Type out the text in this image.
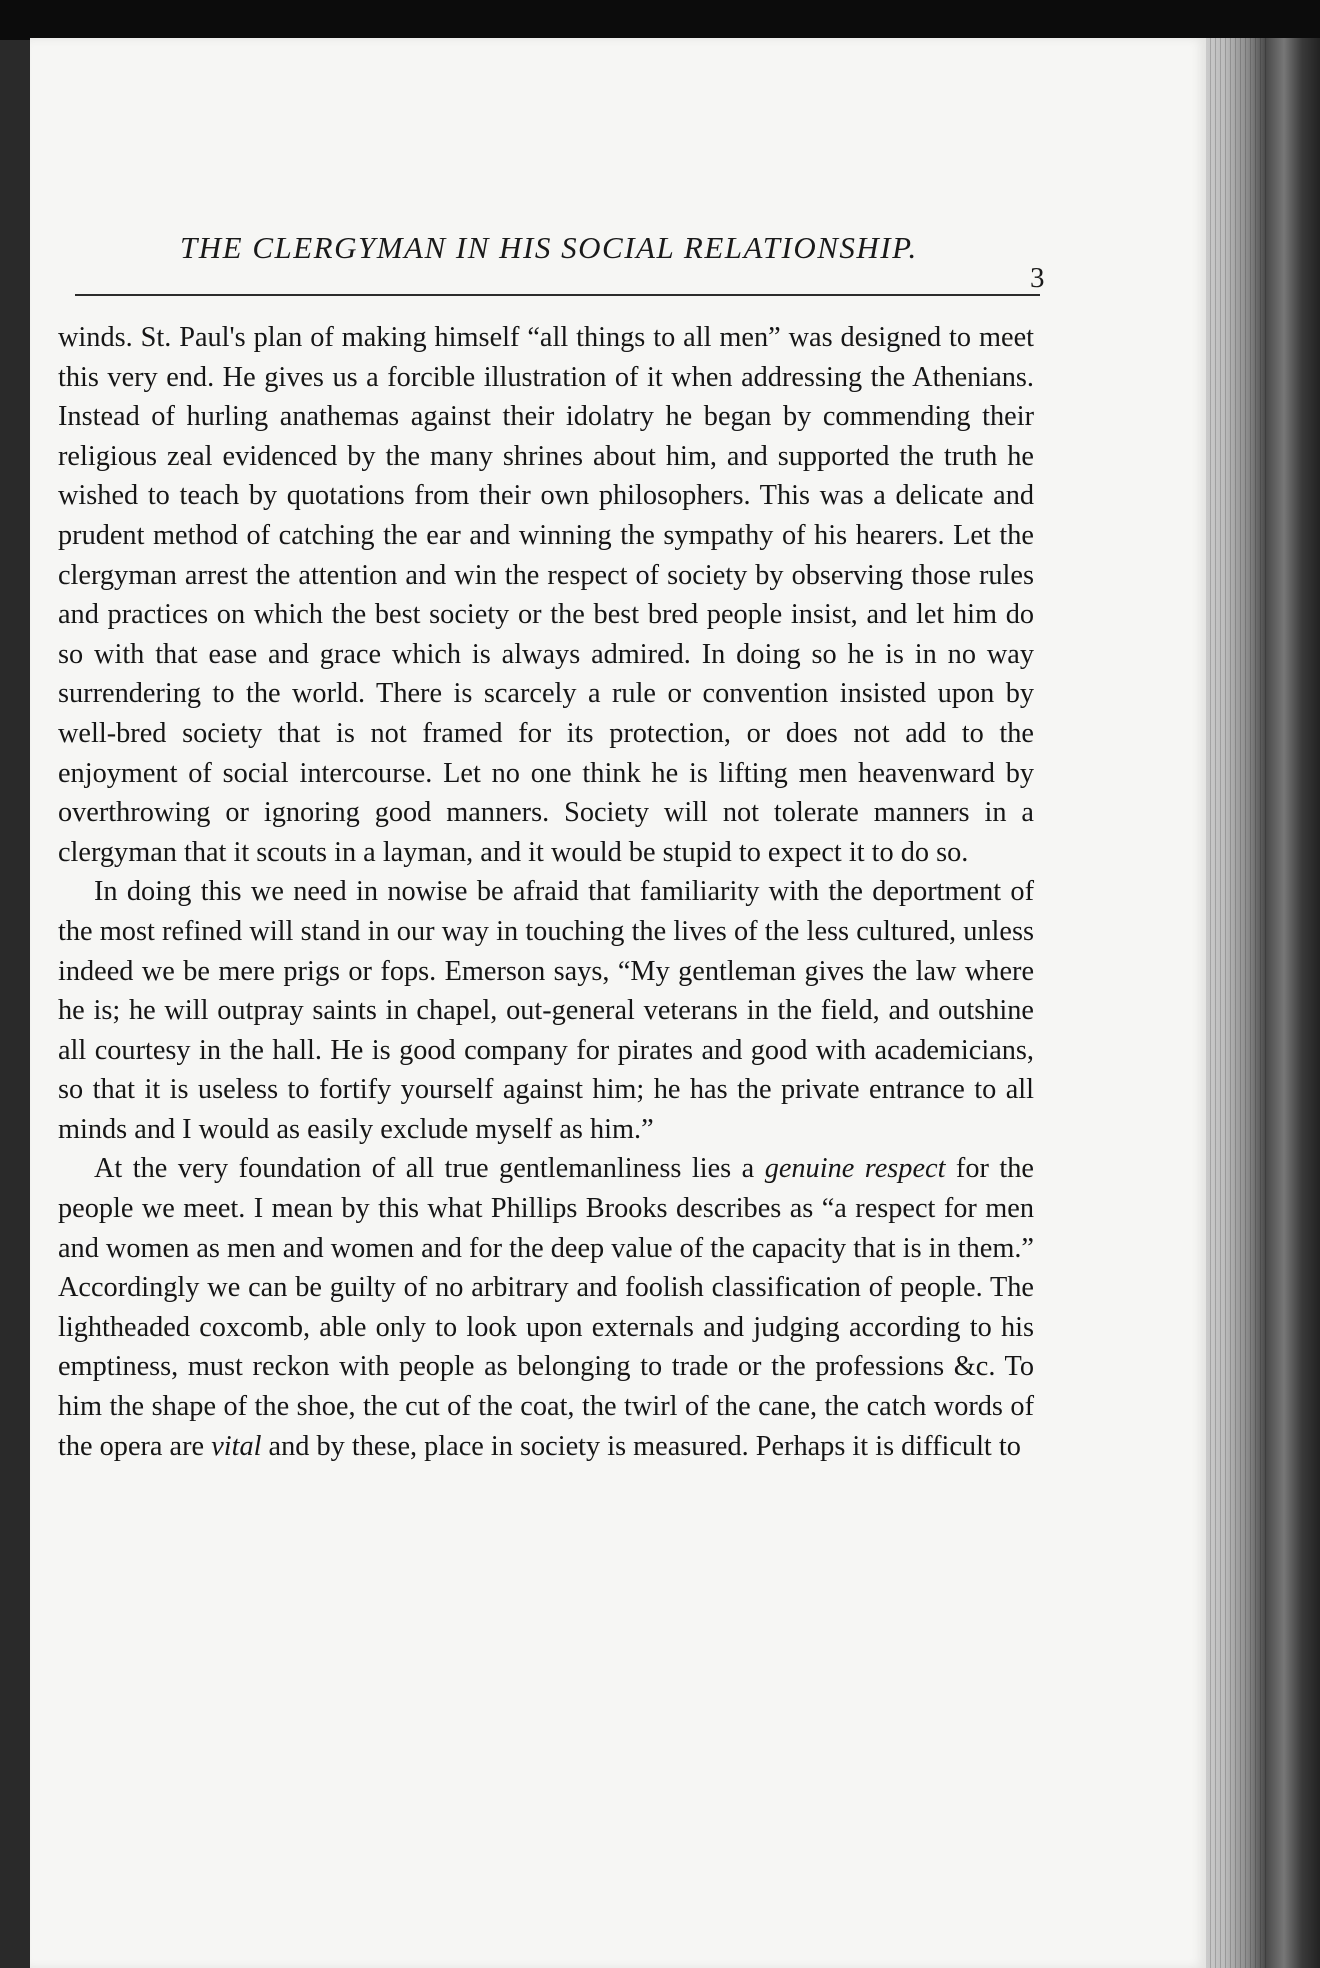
THE CLERGYMAN IN HIS SOCIAL RELATIONSHIP.
3

winds. St. Paul's plan of making himself “all things to all men” was designed to meet this very end. He gives us a forcible illustration of it when addressing the Athenians. Instead of hurling anathemas against their idolatry he began by commending their religious zeal evidenced by the many shrines about him, and supported the truth he wished to teach by quotations from their own philosophers. This was a delicate and prudent method of catching the ear and winning the sympathy of his hearers. Let the clergyman arrest the attention and win the respect of society by observing those rules and practices on which the best society or the best bred people insist, and let him do so with that ease and grace which is always admired. In doing so he is in no way surrendering to the world. There is scarcely a rule or convention insisted upon by well-bred society that is not framed for its protection, or does not add to the enjoyment of social intercourse. Let no one think he is lifting men heavenward by overthrowing or ignoring good manners. Society will not tolerate manners in a clergyman that it scouts in a layman, and it would be stupid to expect it to do so.

In doing this we need in nowise be afraid that familiarity with the deportment of the most refined will stand in our way in touching the lives of the less cultured, unless indeed we be mere prigs or fops. Emerson says, “My gentleman gives the law where he is; he will outpray saints in chapel, out-general veterans in the field, and outshine all courtesy in the hall. He is good company for pirates and good with academicians, so that it is useless to fortify yourself against him; he has the private entrance to all minds and I would as easily exclude myself as him.”

At the very foundation of all true gentlemanliness lies a genuine respect for the people we meet. I mean by this what Phillips Brooks describes as “a respect for men and women as men and women and for the deep value of the capacity that is in them.” Accordingly we can be guilty of no arbitrary and foolish classification of people. The lightheaded coxcomb, able only to look upon externals and judging according to his emptiness, must reckon with people as belonging to trade or the professions &c. To him the shape of the shoe, the cut of the coat, the twirl of the cane, the catch words of the opera are vital and by these, place in society is measured. Perhaps it is difficult to
